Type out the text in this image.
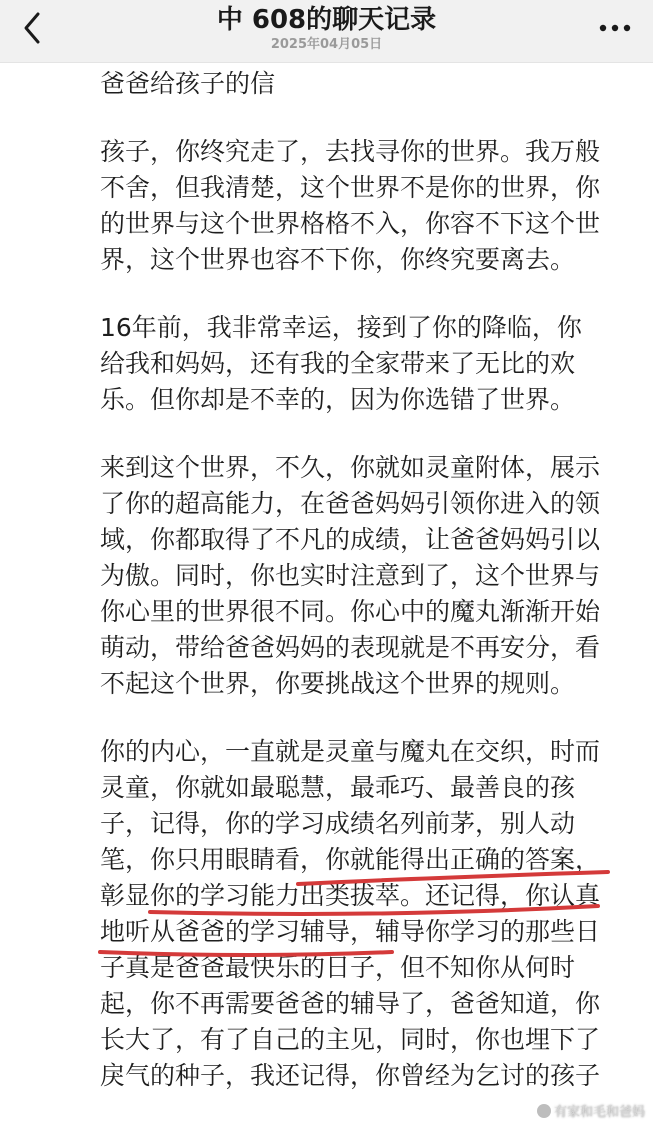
中 608的聊天记录
2025年04月05日

爸爸给孩子的信

孩子，你终究走了，去找寻你的世界。我万般
不舍，但我清楚，这个世界不是你的世界，你
的世界与这个世界格格不入，你容不下这个世
界，这个世界也容不下你，你终究要离去。
16年前，我非常幸运，接到了你的降临，你
给我和妈妈，还有我的全家带来了无比的欢
乐。但你却是不幸的，因为你选错了世界。
来到这个世界，不久，你就如灵童附体，展示
了你的超高能力，在爸爸妈妈引领你进入的领
域，你都取得了不凡的成绩，让爸爸妈妈引以
为傲。同时，你也实时注意到了，这个世界与
你心里的世界很不同。你心中的魔丸渐渐开始
萌动，带给爸爸妈妈的表现就是不再安分，看
不起这个世界，你要挑战这个世界的规则。
你的内心，一直就是灵童与魔丸在交织，时而
灵童，你就如最聪慧，最乖巧、最善良的孩
子，记得，你的学习成绩名列前茅，别人动
笔，你只用眼睛看，你就能得出正确的答案，
彰显你的学习能力出类拔萃。还记得，你认真
地听从爸爸的学习辅导，辅导你学习的那些日
子真是爸爸最快乐的日子，但不知你从何时
起，你不再需要爸爸的辅导了，爸爸知道，你
长大了，有了自己的主见，同时，你也埋下了
戾气的种子，我还记得，你曾经为乞讨的孩子
有家和毛和爸妈
